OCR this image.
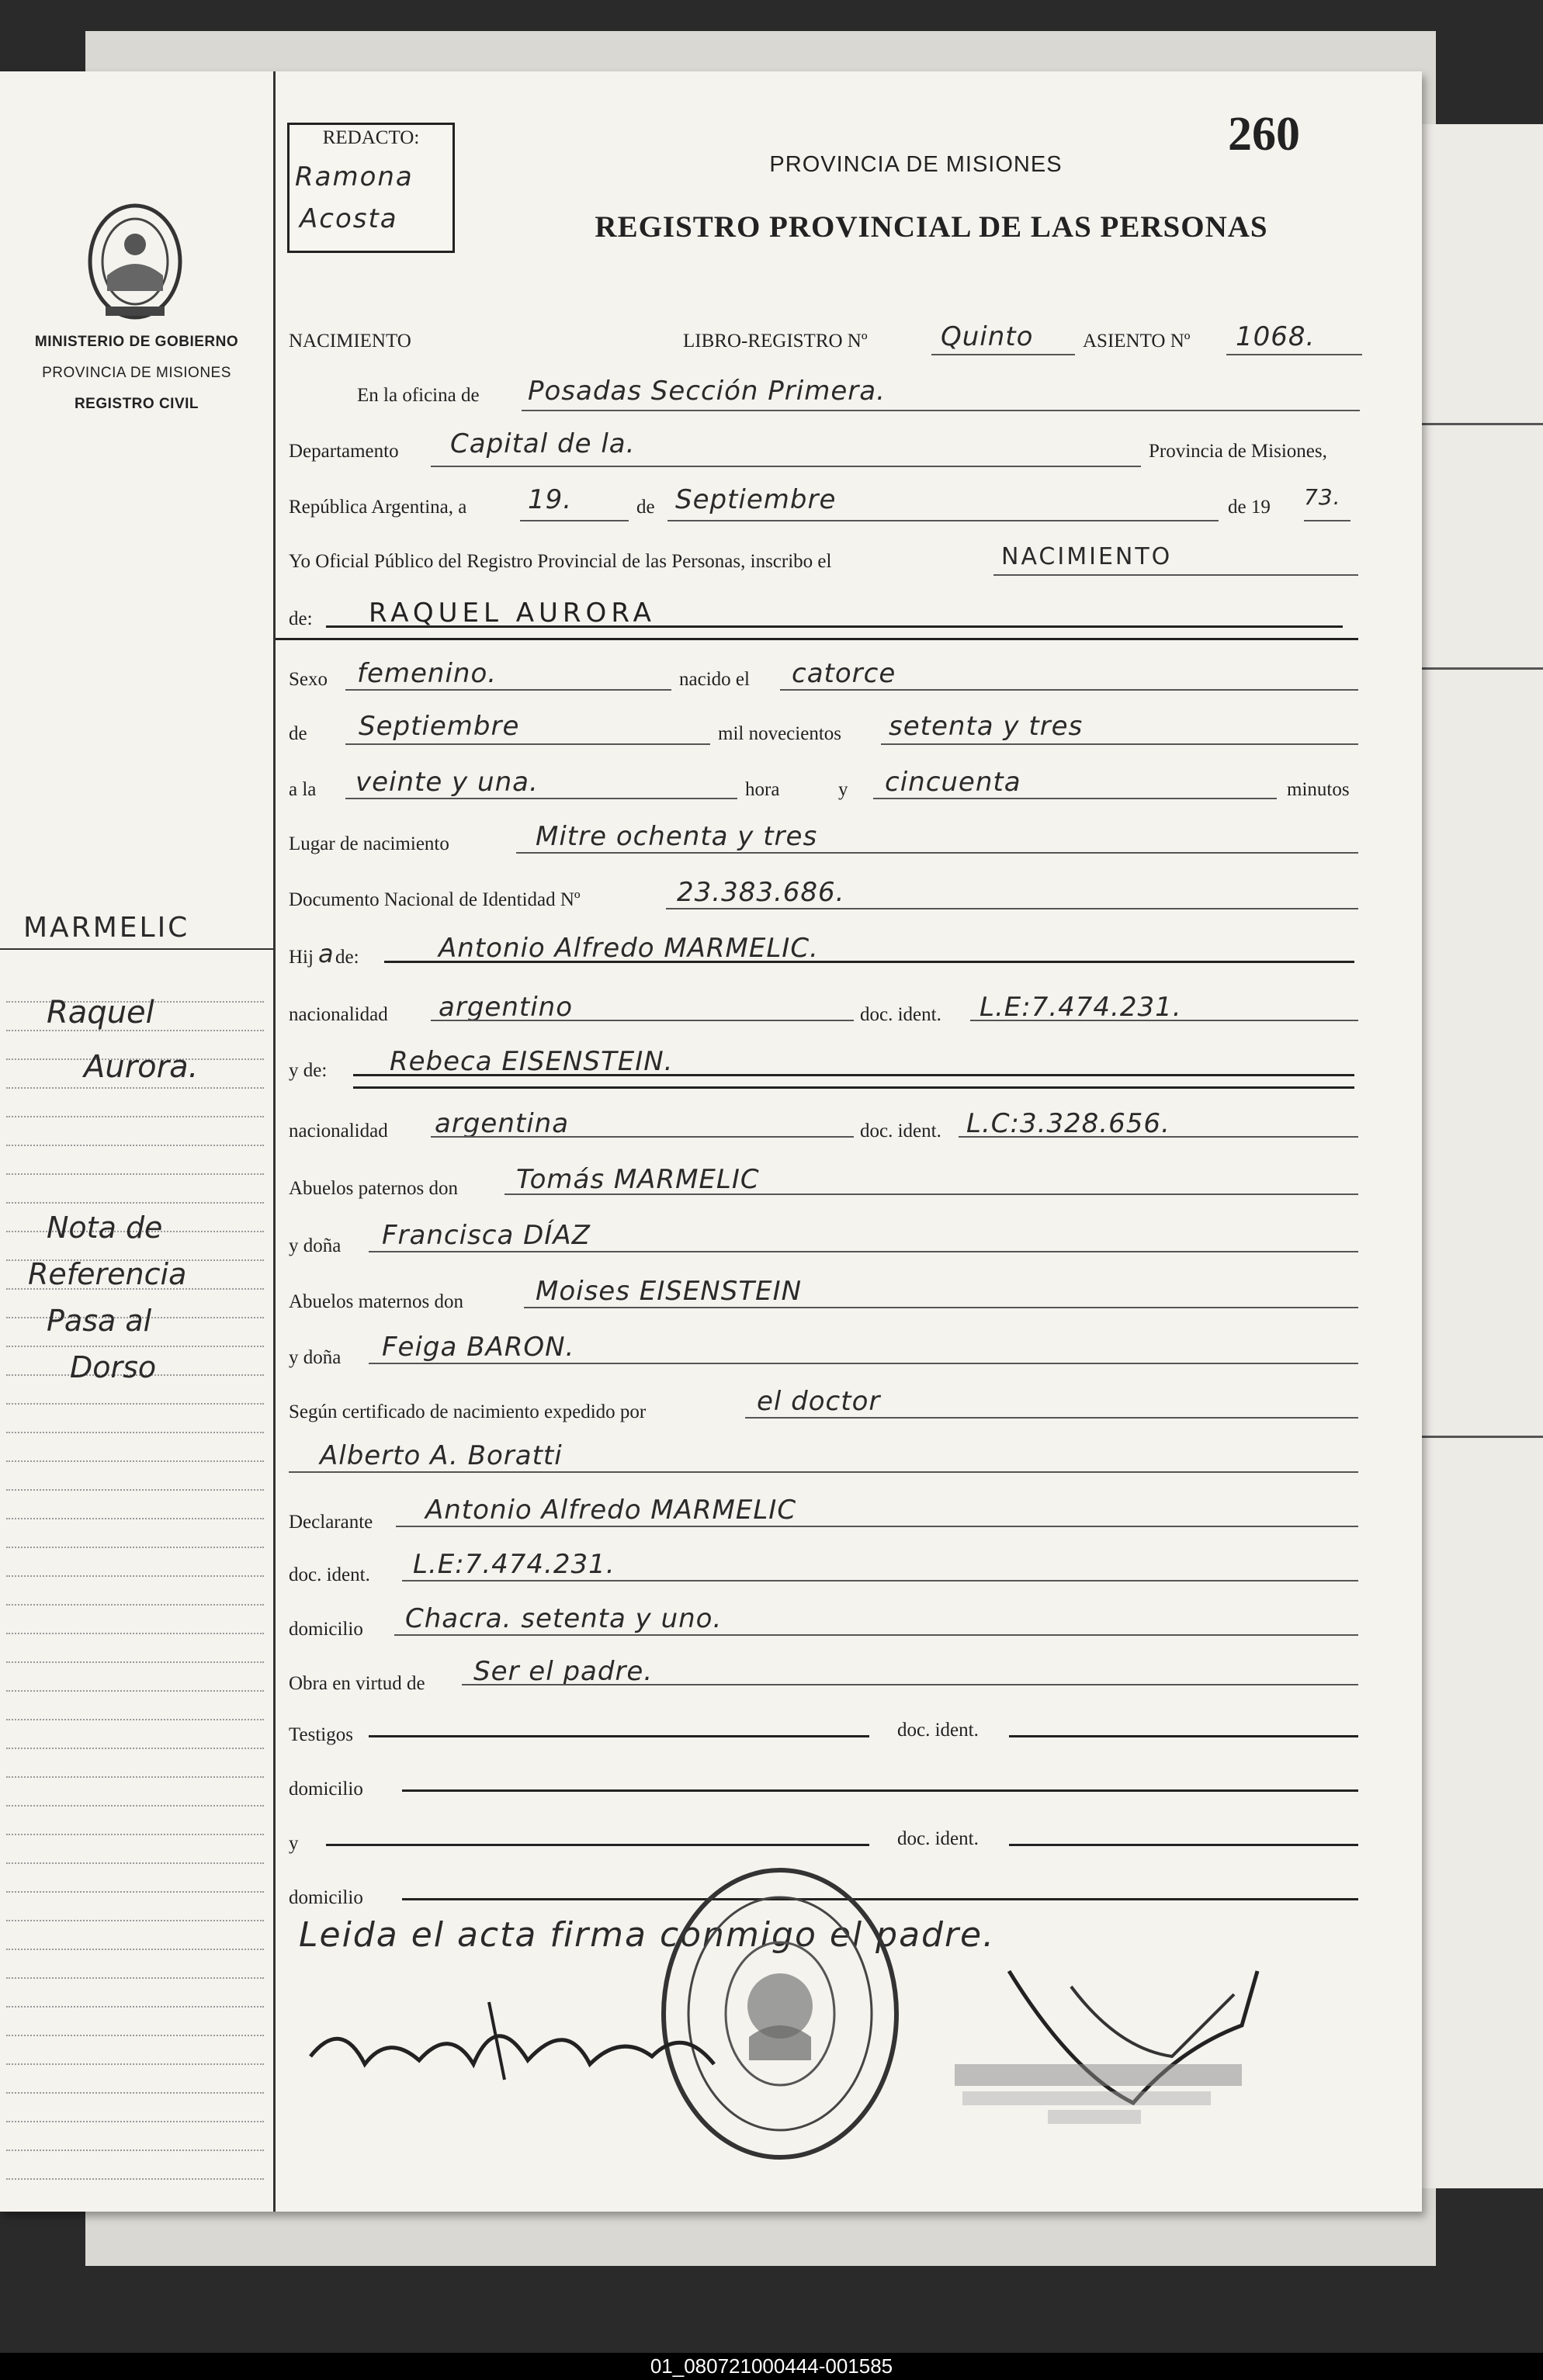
MINISTERIO DE GOBIERNO
PROVINCIA DE MISIONES
REGISTRO CIVIL
MARMELIC
Raquel
Aurora.
Nota de
Referencia
Pasa al
Dorso
REDACTO:
Ramona
Acosta
260
PROVINCIA DE MISIONES
REGISTRO PROVINCIAL DE LAS PERSONAS
NACIMIENTO	LIBRO-REGISTRO Nº	Quinto	ASIENTO Nº 1068.
En la oficina de Posadas Sección Primera.
Departamento Capital de la.	Provincia de Misiones,
República Argentina, a 19.	de Septiembre	de 19 73.
Yo Oficial Público del Registro Provincial de las Personas, inscribo el	NACIMIENTO
de: RAQUEL AURORA
Sexo femenino.	nacido el catorce
de Septiembre	mil novecientos setenta y tres
a la veinte y una.	hora	y cincuenta	minutos
Lugar de nacimiento	Mitre ochenta y tres
Documento Nacional de Identidad Nº	23.383.686.
Hij a de:	Antonio Alfredo MARMELIC.
nacionalidad argentino	doc. ident. L.E:7.474.231.
y de: Rebeca EISENSTEIN.
nacionalidad argentina	doc. ident. L.C:3.328.656.
Abuelos paternos don Tomás MARMELIC
y doña Francisca DÍAZ
Abuelos maternos don	Moises EISENSTEIN
y doña Feiga BARON.
Según certificado de nacimiento expedido por	el doctor
Alberto A. Boratti
Declarante Antonio Alfredo MARMELIC
doc. ident. L.E:7.474.231.
domicilio Chacra. setenta y uno.
Obra en virtud de Ser el padre.
Testigos	doc. ident.
domicilio
y	doc. ident.
domicilio
Leida el acta firma conmigo el padre.
01_080721000444-001585
